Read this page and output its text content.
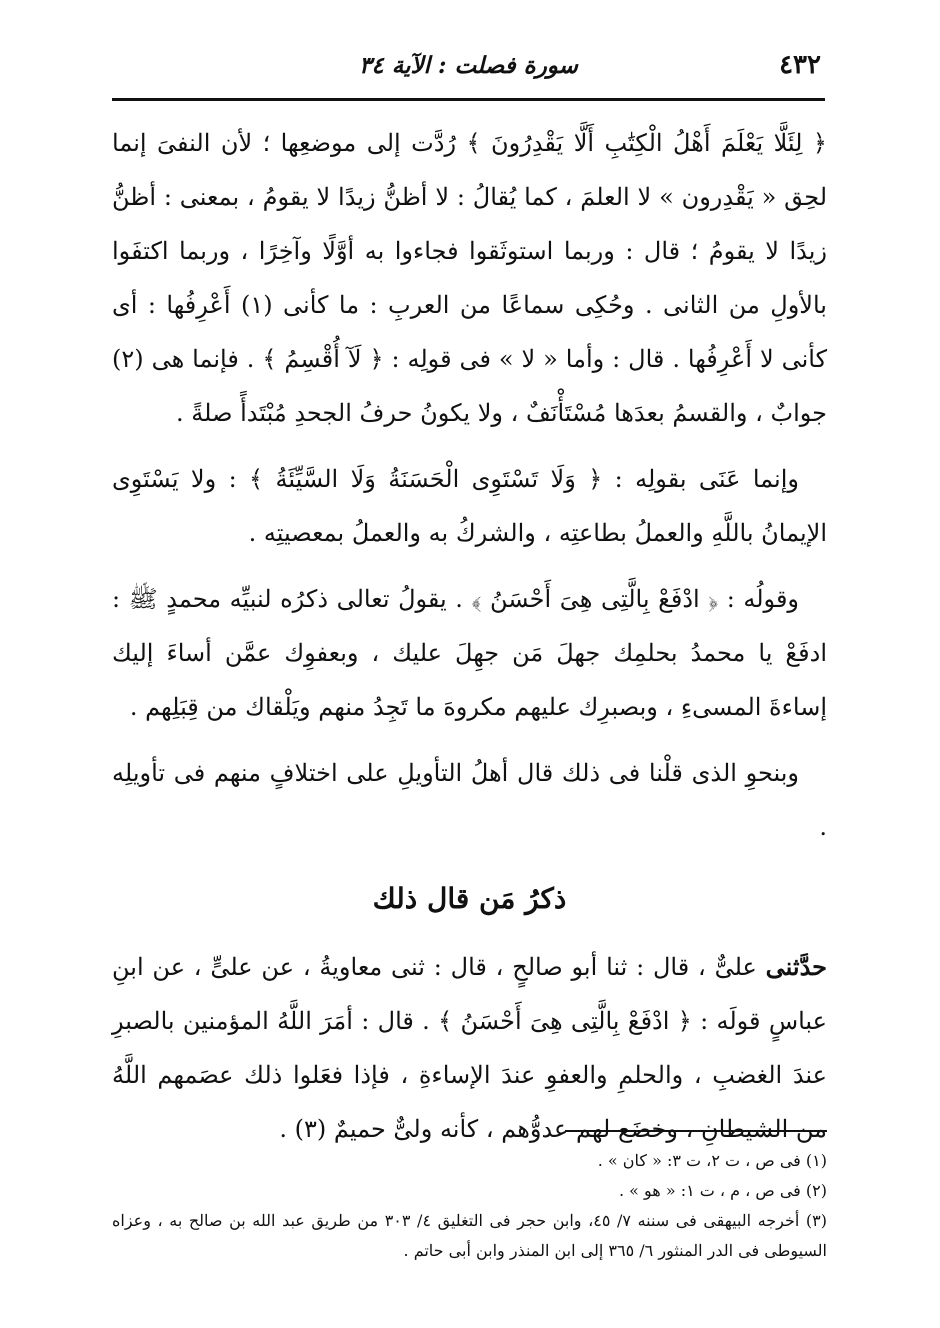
٤٣٢
سورة فصلت : الآية ٣٤

﴿ لِئَلَّا يَعْلَمَ أَهْلُ الْكِتَٰبِ أَلَّا يَقْدِرُونَ ﴾ رُدَّت إلى موضعِها ؛ لأن النفىَ إنما لحِق « يَقْدِرون » لا العلمَ ، كما يُقالُ : لا أظنُّ زيدًا لا يقومُ ، بمعنى : أظنُّ زيدًا لا يقومُ ؛ قال : وربما استوثَقوا فجاءوا به أوَّلًا وآخِرًا ، وربما اكتفَوا بالأولِ من الثانى . وحُكِى سماعًا من العربِ : ما كأنى (١) أَعْرِفُها : أى كأنى لا أَعْرِفُها . قال : وأما « لا » فى قولِه : ﴿ لَآ أُقْسِمُ ﴾ . فإنما هى (٢) جوابٌ ، والقسمُ بعدَها مُسْتَأْنَفٌ ، ولا يكونُ حرفُ الجحدِ مُبْتَدأً صلةً .

وإنما عَنَى بقولِه : ﴿ وَلَا تَسْتَوِى الْحَسَنَةُ وَلَا السَّيِّئَةُ ﴾ : ولا يَسْتَوِى الإيمانُ باللَّهِ والعملُ بطاعتِه ، والشركُ به والعملُ بمعصيتِه .

وقولُه : ﴿ ادْفَعْ بِالَّتِى هِىَ أَحْسَنُ ﴾ . يقولُ تعالى ذكرُه لنبيِّه محمدٍ ﷺ : ادفَعْ يا محمدُ بحلمِك جهلَ مَن جهِلَ عليك ، وبعفوِك عمَّن أساءَ إليك إساءةَ المسىءِ ، وبصبرِك عليهم مكروهَ ما تَجِدُ منهم ويَلْقاك من قِبَلِهم .

وبنحوِ الذى قلْنا فى ذلك قال أهلُ التأويلِ على اختلافٍ منهم فى تأويلِه .

ذكرُ مَن قال ذلك

حدَّثنى علىٌّ ، قال : ثنا أبو صالحٍ ، قال : ثنى معاويةُ ، عن علىٍّ ، عن ابنِ عباسٍ قولَه : ﴿ ادْفَعْ بِالَّتِى هِىَ أَحْسَنُ ﴾ . قال : أمَرَ اللَّهُ المؤمنين بالصبرِ عندَ الغضبِ ، والحلمِ والعفوِ عندَ الإساءةِ ، فإذا فعَلوا ذلك عصَمهم اللَّهُ من الشيطانِ ، وخضَع لهم عدوُّهم ، كأنه ولىٌّ حميمٌ (٣) .

(١) فى ص ، ت ٢، ت ٣: « كان » .

(٢) فى ص ، م ، ت ١: « هو » .

(٣) أخرجه البيهقى فى سننه ٧/ ٤٥، وابن حجر فى التغليق ٤/ ٣٠٣ من طريق عبد الله بن صالح به ، وعزاه السيوطى فى الدر المنثور ٦/ ٣٦٥ إلى ابن المنذر وابن أبى حاتم .
